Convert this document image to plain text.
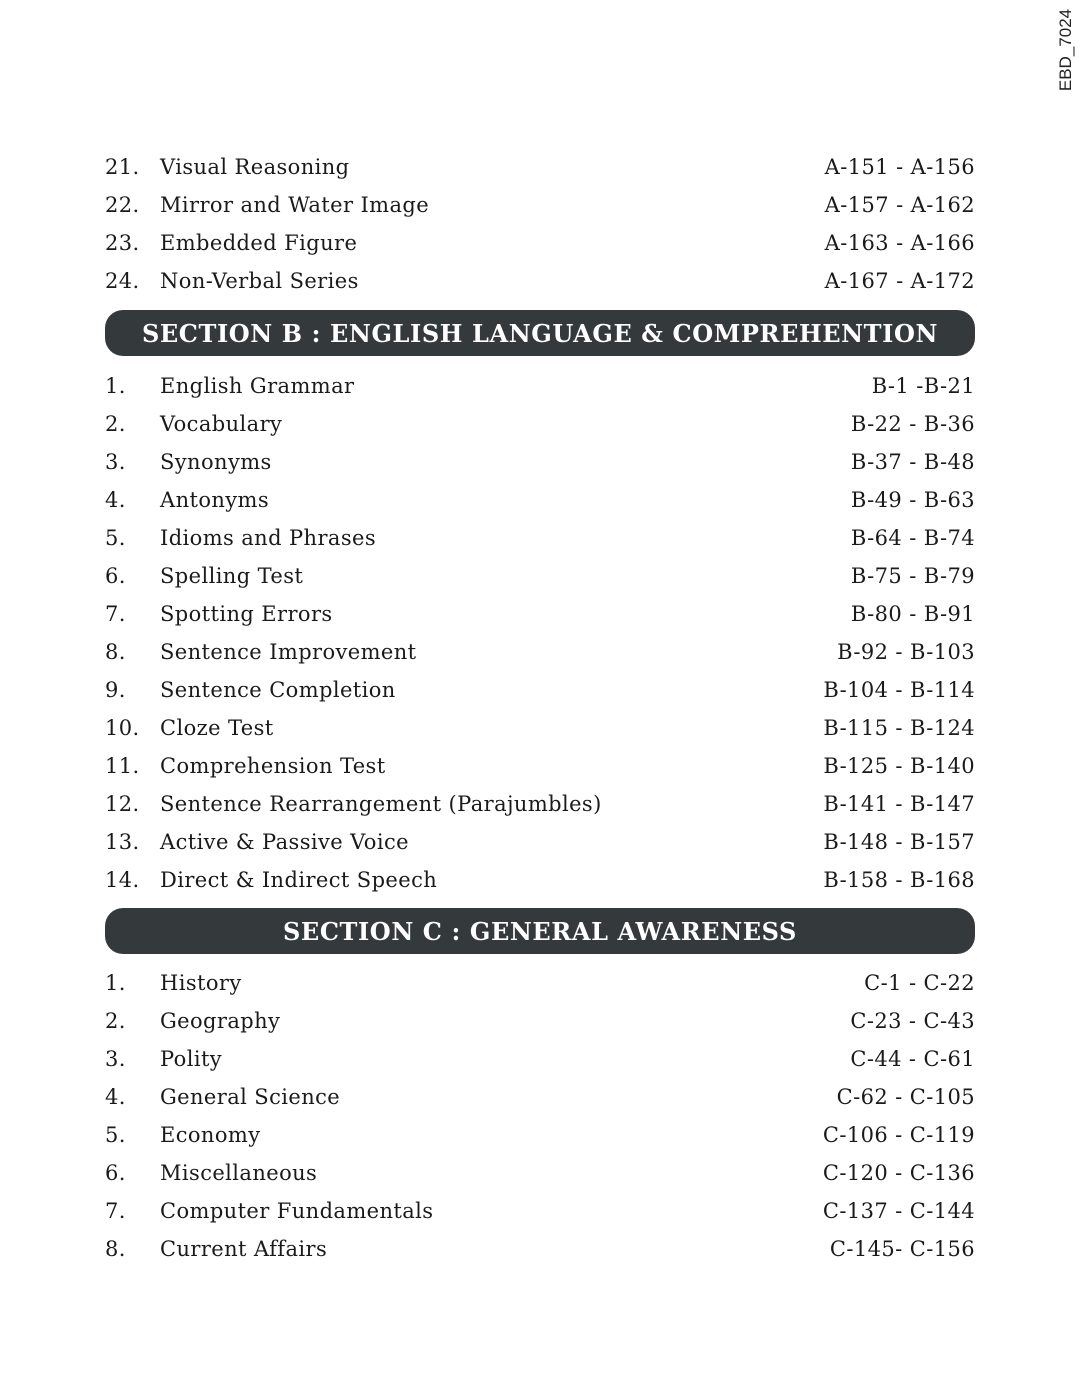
EBD_7024
21. Visual Reasoning	A-151 - A-156
22. Mirror and Water Image	A-157 - A-162
23. Embedded Figure	A-163 - A-166
24. Non-Verbal Series	A-167 - A-172
SECTION B : ENGLISH LANGUAGE & COMPREHENTION
1.	English Grammar	B-1 -B-21
2.	Vocabulary	B-22 - B-36
3.	Synonyms	B-37 - B-48
4.	Antonyms	B-49 - B-63
5.	Idioms and Phrases	B-64 - B-74
6.	Spelling Test	B-75 - B-79
7.	Spotting Errors	B-80 - B-91
8.	Sentence Improvement	B-92 - B-103
9.	Sentence Completion	B-104 - B-114
10. Cloze Test	B-115 - B-124
11. Comprehension Test	B-125 - B-140
12. Sentence Rearrangement (Parajumbles)	B-141 - B-147
13. Active & Passive Voice	B-148 - B-157
14. Direct & Indirect Speech	B-158 - B-168
SECTION C : GENERAL AWARENESS
1.	History	C-1 - C-22
2.	Geography	C-23 - C-43
3.	Polity	C-44 - C-61
4.	General Science	C-62 - C-105
5.	Economy	C-106 - C-119
6.	Miscellaneous	C-120 - C-136
7.	Computer Fundamentals	C-137 - C-144
8.	Current Affairs	C-145- C-156
